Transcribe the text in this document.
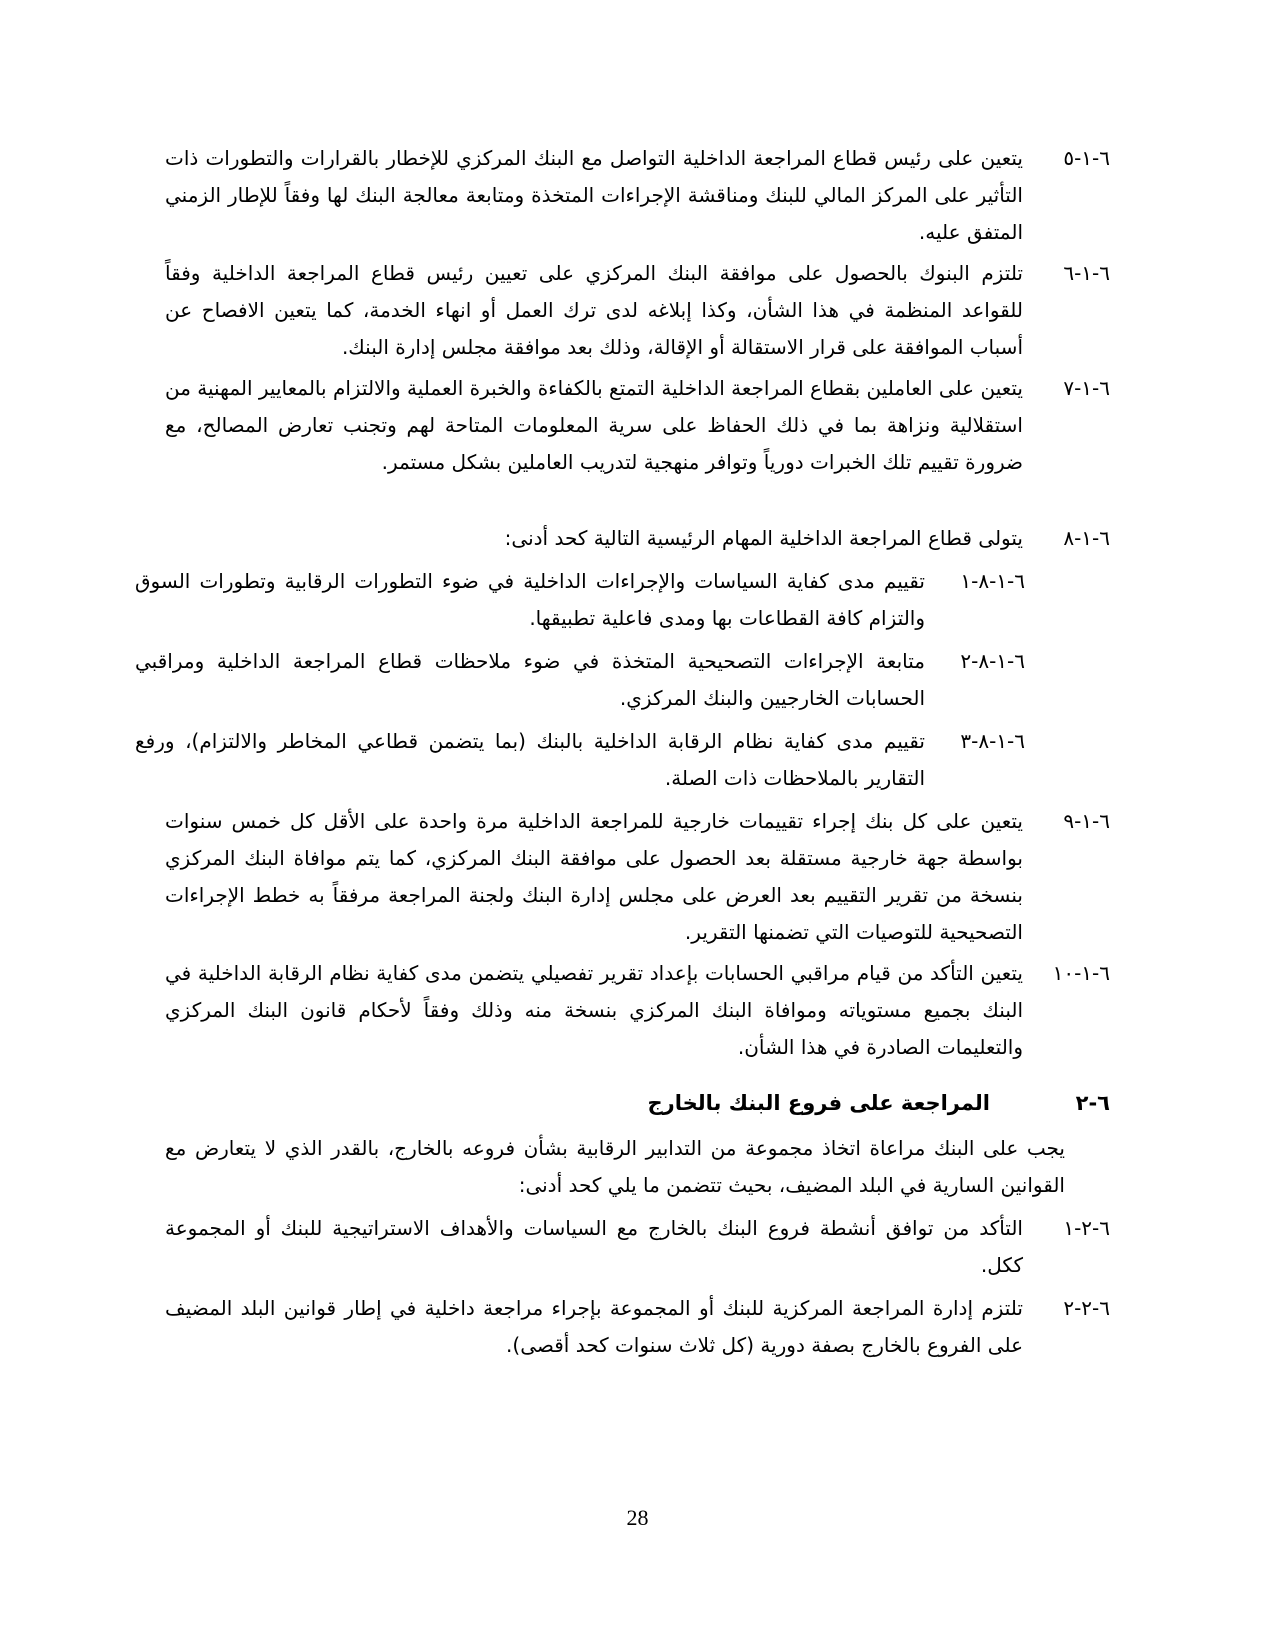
٦-١-٥
يتعين على رئيس قطاع المراجعة الداخلية التواصل مع البنك المركزي للإخطار بالقرارات والتطورات ذات التأثير على المركز المالي للبنك ومناقشة الإجراءات المتخذة ومتابعة معالجة البنك لها وفقاً للإطار الزمني المتفق عليه.
٦-١-٦
تلتزم البنوك بالحصول على موافقة البنك المركزي على تعيين رئيس قطاع المراجعة الداخلية وفقاً للقواعد المنظمة في هذا الشأن، وكذا إبلاغه لدى ترك العمل أو انهاء الخدمة، كما يتعين الافصاح عن أسباب الموافقة على قرار الاستقالة أو الإقالة، وذلك بعد موافقة مجلس إدارة البنك.
٦-١-٧
يتعين على العاملين بقطاع المراجعة الداخلية التمتع بالكفاءة والخبرة العملية والالتزام بالمعايير المهنية من استقلالية ونزاهة بما في ذلك الحفاظ على سرية المعلومات المتاحة لهم وتجنب تعارض المصالح، مع ضرورة تقييم تلك الخبرات دورياً وتوافر منهجية لتدريب العاملين بشكل مستمر.
٦-١-٨
يتولى قطاع المراجعة الداخلية المهام الرئيسية التالية كحد أدنى:
٦-١-٨-١
تقييم مدى كفاية السياسات والإجراءات الداخلية في ضوء التطورات الرقابية وتطورات السوق والتزام كافة القطاعات بها ومدى فاعلية تطبيقها.
٦-١-٨-٢
متابعة الإجراءات التصحيحية المتخذة في ضوء ملاحظات قطاع المراجعة الداخلية ومراقبي الحسابات الخارجيين والبنك المركزي.
٦-١-٨-٣
تقييم مدى كفاية نظام الرقابة الداخلية بالبنك (بما يتضمن قطاعي المخاطر والالتزام)، ورفع التقارير بالملاحظات ذات الصلة.
٦-١-٩
يتعين على كل بنك إجراء تقييمات خارجية للمراجعة الداخلية مرة واحدة على الأقل كل خمس سنوات بواسطة جهة خارجية مستقلة بعد الحصول على موافقة البنك المركزي، كما يتم موافاة البنك المركزي بنسخة من تقرير التقييم بعد العرض على مجلس إدارة البنك ولجنة المراجعة مرفقاً به خطط الإجراءات التصحيحية للتوصيات التي تضمنها التقرير.
٦-١-١٠
يتعين التأكد من قيام مراقبي الحسابات بإعداد تقرير تفصيلي يتضمن مدى كفاية نظام الرقابة الداخلية في البنك بجميع مستوياته وموافاة البنك المركزي بنسخة منه وذلك وفقاً لأحكام قانون البنك المركزي والتعليمات الصادرة في هذا الشأن.
٦-٢
المراجعة على فروع البنك بالخارج
يجب على البنك مراعاة اتخاذ مجموعة من التدابير الرقابية بشأن فروعه بالخارج، بالقدر الذي لا يتعارض مع القوانين السارية في البلد المضيف، بحيث تتضمن ما يلي كحد أدنى:
٦-٢-١
التأكد من توافق أنشطة فروع البنك بالخارج مع السياسات والأهداف الاستراتيجية للبنك أو المجموعة ككل.
٦-٢-٢
تلتزم إدارة المراجعة المركزية للبنك أو المجموعة بإجراء مراجعة داخلية في إطار قوانين البلد المضيف على الفروع بالخارج بصفة دورية (كل ثلاث سنوات كحد أقصى).
28
